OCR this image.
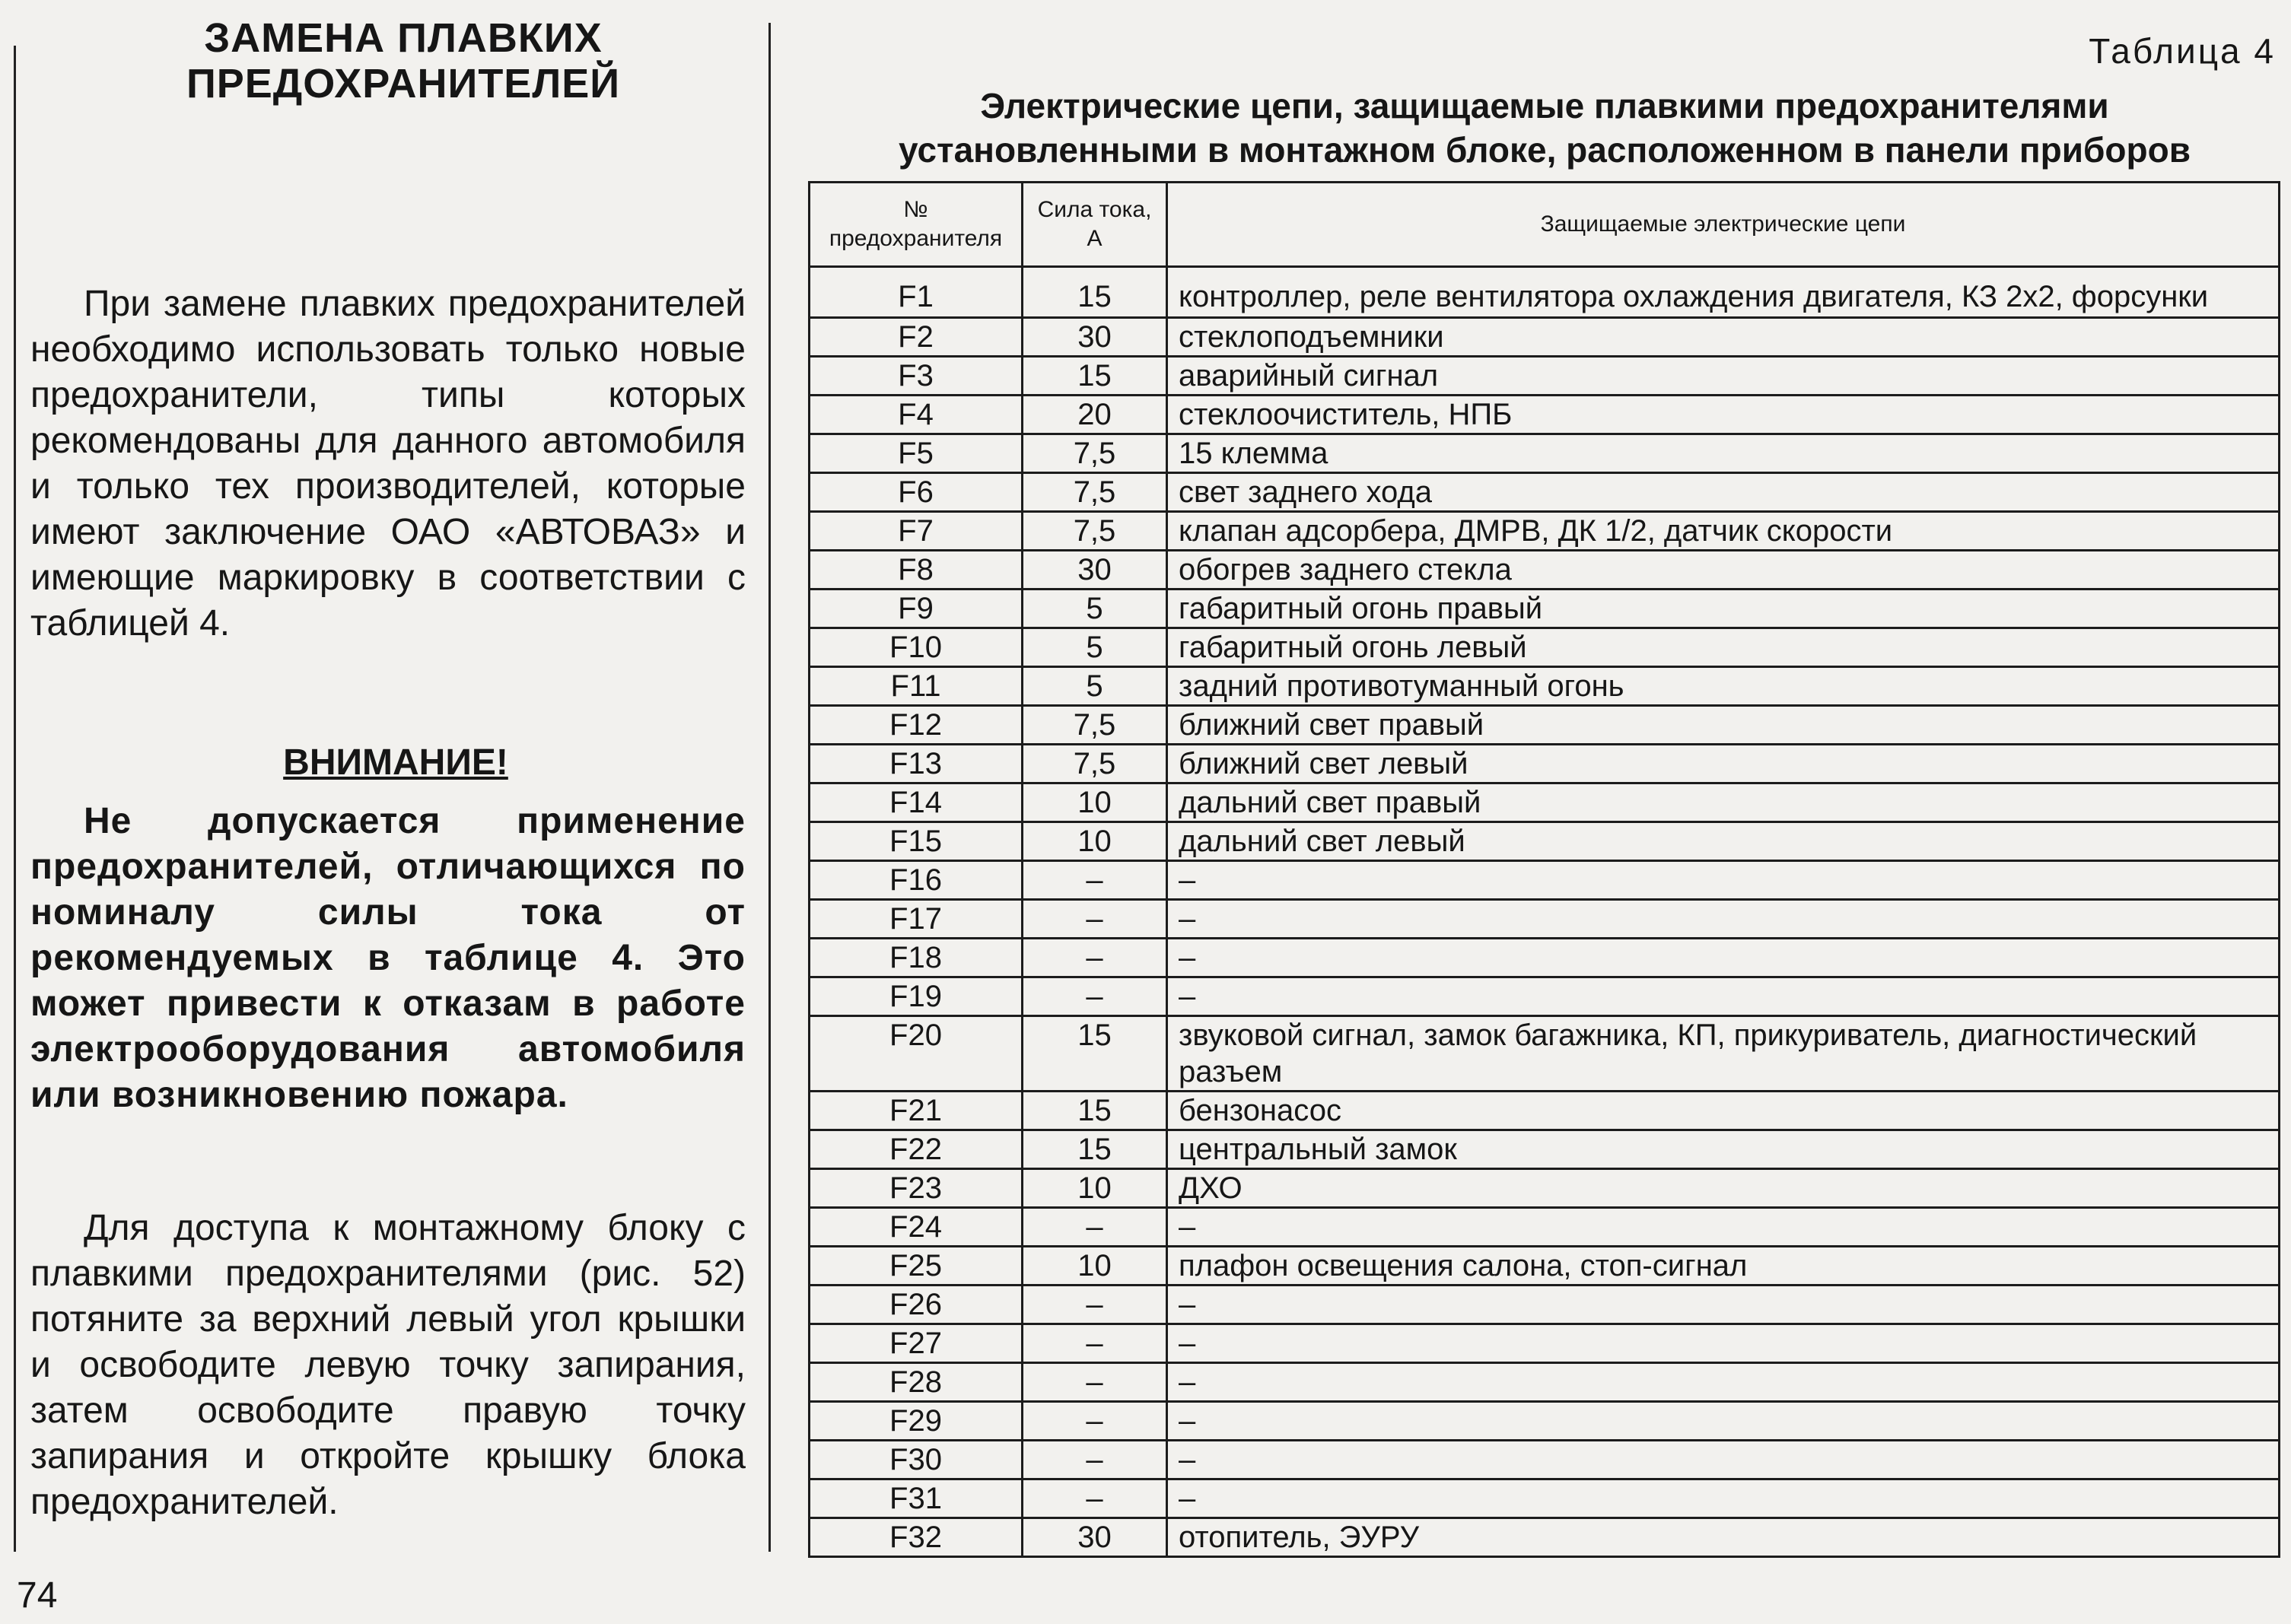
ЗАМЕНА ПЛАВКИХ ПРЕДОХРАНИТЕЛЕЙ

При замене плавких предохранителей необходимо использовать только новые предохранители, типы которых рекомендованы для данного автомобиля и только тех производителей, которые имеют заключение ОАО «АВТОВАЗ» и имеющие маркировку в соответствии с таблицей 4.

ВНИМАНИЕ!

Не допускается применение предохранителей, отличающихся по номиналу силы тока от рекомендуемых в таблице 4. Это может привести к отказам в работе электрооборудования автомобиля или возникновению пожара.

Для доступа к монтажному блоку с плавкими предохранителями (рис. 52) потяните за верхний левый угол крышки и освободите левую точку запирания, затем освободите правую точку запирания и откройте крышку блока предохранителей.

74

Таблица 4

Электрические цепи, защищаемые плавкими предохранителями
установленными в монтажном блоке, расположенном в панели приборов
№ предохранителя	Сила тока, А	Защищаемые электрические цепи
F1	15	контроллер, реле вентилятора охлаждения двигателя, КЗ 2х2, форсунки
F2	30	стеклоподъемники
F3	15	аварийный сигнал
F4	20	стеклоочиститель, НПБ
F5	7,5	15 клемма
F6	7,5	свет заднего хода
F7	7,5	клапан адсорбера, ДМРВ, ДК 1/2, датчик скорости
F8	30	обогрев заднего стекла
F9	5	габаритный огонь правый
F10	5	габаритный огонь левый
F11	5	задний противотуманный огонь
F12	7,5	ближний свет правый
F13	7,5	ближний свет левый
F14	10	дальний свет правый
F15	10	дальний свет левый
F16	–	–
F17	–	–
F18	–	–
F19	–	–
F20	15	звуковой сигнал, замок багажника, КП, прикуриватель, диагностический разъем
F21	15	бензонасос
F22	15	центральный замок
F23	10	ДХО
F24	–	–
F25	10	плафон освещения салона, стоп-сигнал
F26	–	–
F27	–	–
F28	–	–
F29	–	–
F30	–	–
F31	–	–
F32	30	отопитель, ЭУРУ
